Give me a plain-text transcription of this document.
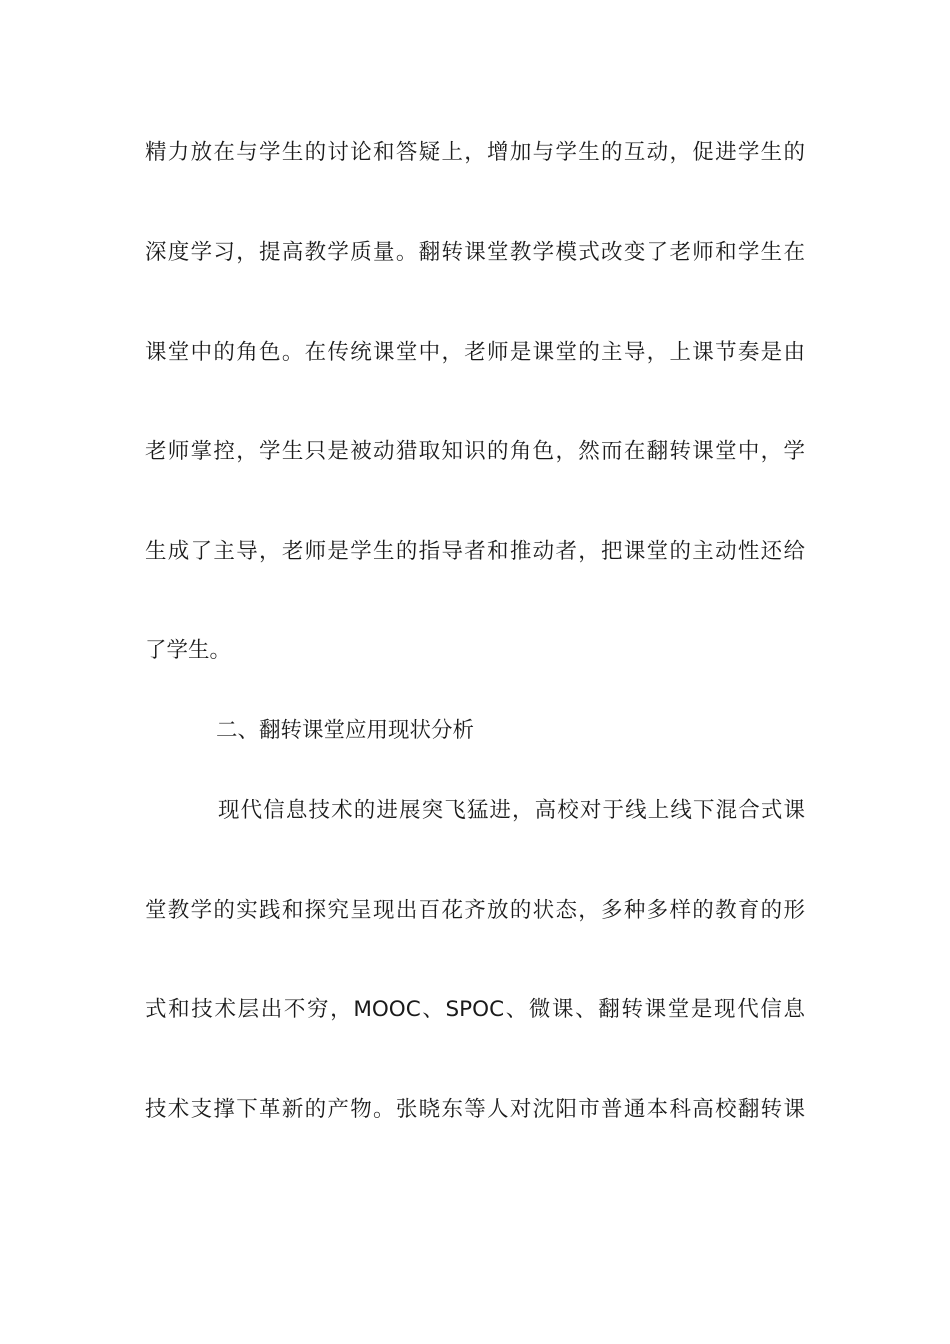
精力放在与学生的讨论和答疑上，增加与学生的互动，促进学生的
深度学习，提高教学质量。翻转课堂教学模式改变了老师和学生在
课堂中的角色。在传统课堂中，老师是课堂的主导，上课节奏是由
老师掌控，学生只是被动猎取知识的角色，然而在翻转课堂中，学
生成了主导，老师是学生的指导者和推动者，把课堂的主动性还给
了学生。
二、翻转课堂应用现状分析
现代信息技术的进展突飞猛进，高校对于线上线下混合式课
堂教学的实践和探究呈现出百花齐放的状态，多种多样的教育的形
式和技术层出不穷，MOOC、SPOC、微课、翻转课堂是现代信息
技术支撑下革新的产物。张晓东等人对沈阳市普通本科高校翻转课
